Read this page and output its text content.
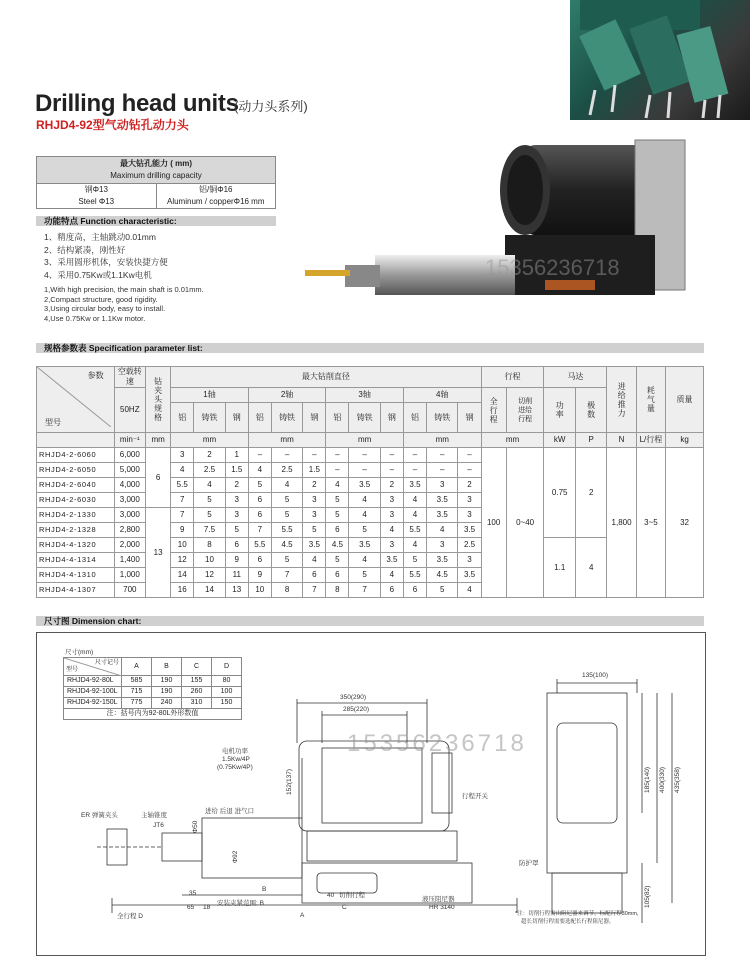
Drilling head units
(动力头系列)
RHJD4-92型气动钻孔动力头
最大钻孔能力 ( mm)	
Maximum drilling capacity	
钢Φ13	铝/铜Φ16
Steel Φ13	Aluminum / copperΦ16 mm
功能特点 Function characteristic:
1、精度高，主轴跳动0.01mm
2、结构紧凑，刚性好
3、采用圆形机体，安装快捷方便
4、采用0.75Kw或1.1Kw电机
1,With high precision, the main shaft is 0.01mm.
2,Compact structure, good rigidity.
3,Using circular body, easy to install.
4,Use 0.75Kw or 1.1Kw motor.
15356236718
规格参数表 Specification parameter list:
参数
型号	空载转速	钻夹头规格	最大钻削直径												行程		马达		进给推力	耗气量	质量
	50HZ		1轴			2轴			3轴			4轴			全行程	切削进给行程	功率	极数			
			铝	铸铁	钢	铝	铸铁	钢	铝	铸铁	钢	铝	铸铁	钢							
	min⁻¹	mm	mm			mm			mm			mm			mm		kW	P	N	L/行程	kg
RHJD4-2-6060	6,000	6	3	2	1	–	–	–	–	–	–	–	–	–	100	0~40	0.75	2	1,800	3~5	32
RHJD4-2-6050	5,000		4	2.5	1.5	4	2.5	1.5	–	–	–	–	–	–							
RHJD4-2-6040	4,000		5.5	4	2	5	4	2	4	3.5	2	3.5	3	2							
RHJD4-2-6030	3,000		7	5	3	6	5	3	5	4	3	4	3.5	3							
RHJD4-2-1330	3,000	13	7	5	3	6	5	3	5	4	3	4	3.5	3							
RHJD4-2-1328	2,800		9	7.5	5	7	5.5	5	6	5	4	5.5	4	3.5							
RHJD4-4-1320	2,000		10	8	6	5.5	4.5	3.5	4.5	3.5	3	4	3	2.5			1.1	4			
RHJD4-4-1314	1,400		12	10	9	6	5	4	5	4	3.5	5	3.5	3							
RHJD4-4-1310	1,000		14	12	11	9	7	6	6	5	4	5.5	4.5	3.5							
RHJD4-4-1307	700		16	14	13	10	8	7	8	7	6	6	5	4							
尺寸图 Dimension chart:
尺寸(mm)
尺寸记号
型号	A	B	C	D
RHJD4-92-80L	585	190	155	80
RHJD4-92-100L	715	190	260	100
RHJD4-92-150L	775	240	310	150
注：括号内为92-80L外形数值				
15356236718
350(290)
285(220)
135(100)
电机功率
1.5Kw/4P
(0.75Kw/4P)
行程开关
152(137)
ER 弹簧夹头	主轴锥度
JT6	Φ50
Φ92
进给 后退 进气口
35
65 18
安装夹紧范围: B
40 切削行程
全行程 D	A
B
C
液压阻尼器
HR 3140
防护罩
185(140) 400(330) 435(358)
105(82)
*注：切削行程需由阻尼器来调节，标配行程30mm,
超长切削行程需要选配长行程阻尼器。
